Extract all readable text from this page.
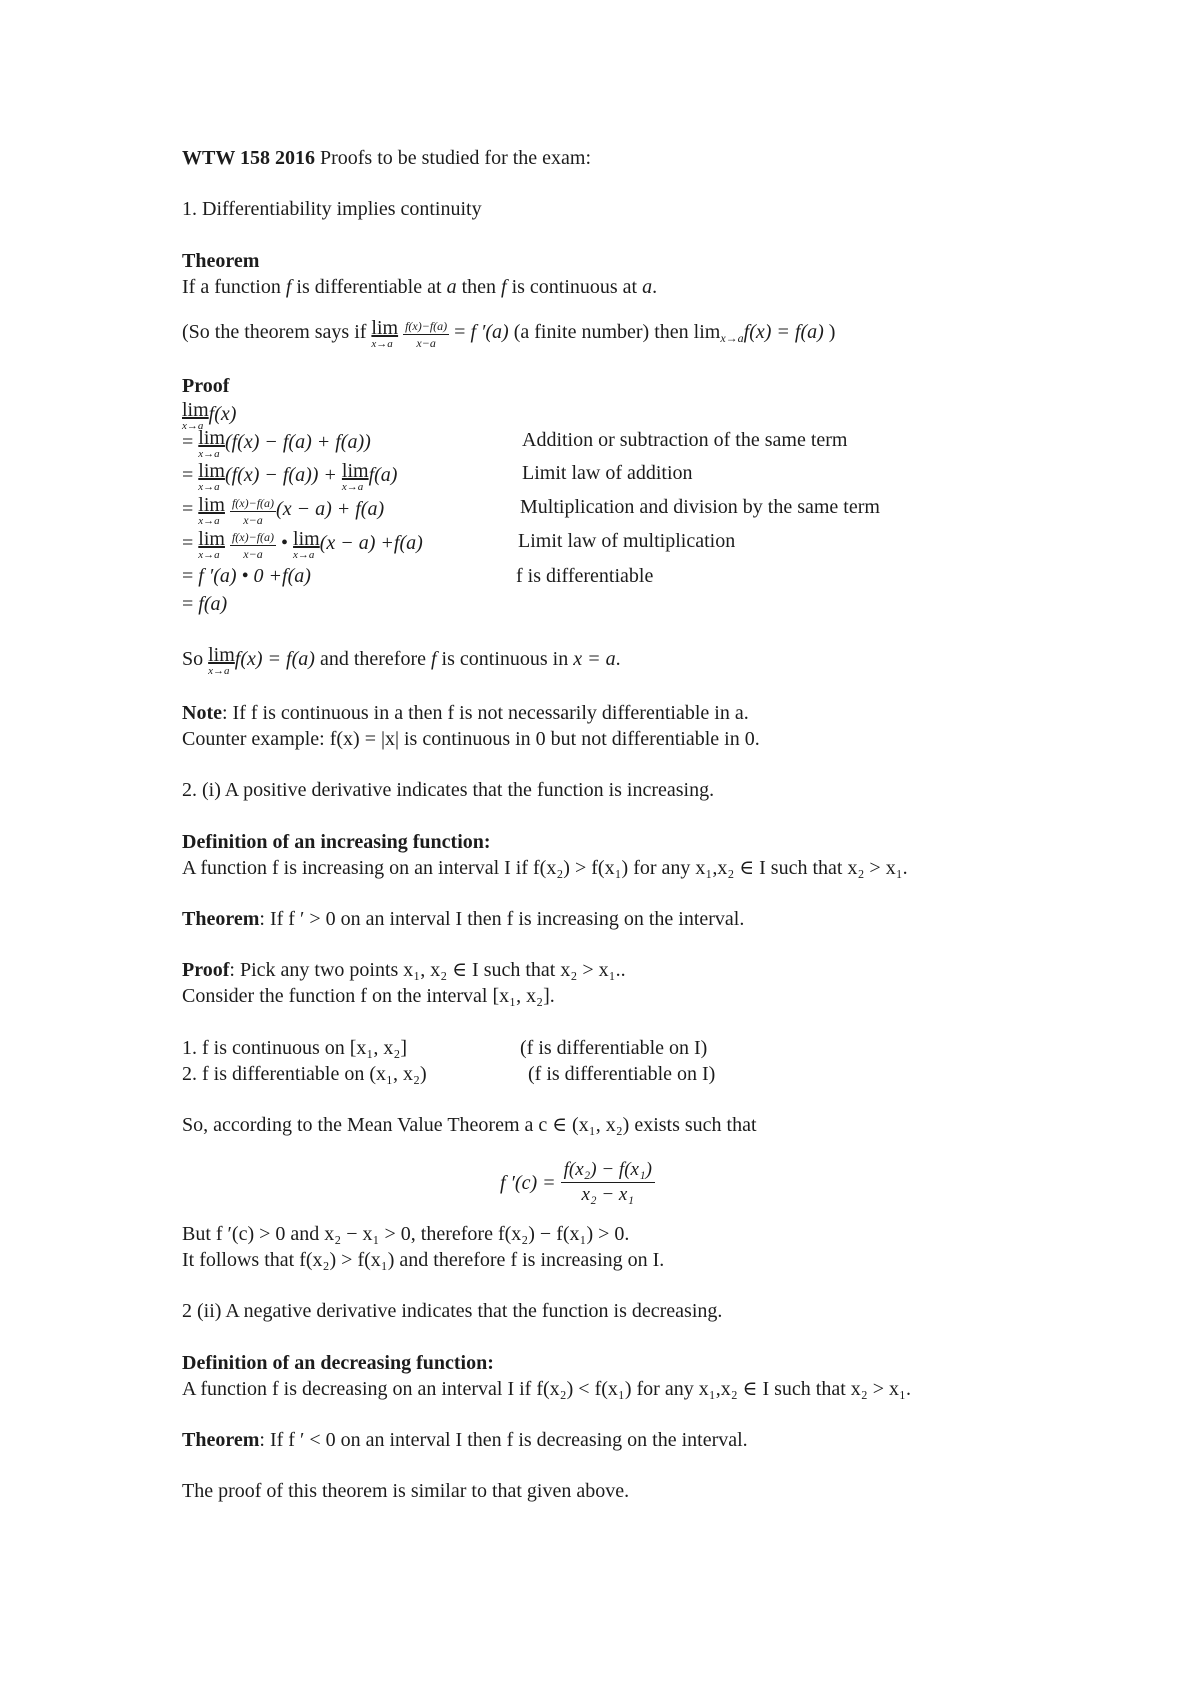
WTW 158 2016 Proofs to be studied for the exam:
1. Differentiability implies continuity
Theorem
If a function f is differentiable at a then f is continuous at a.
(So the theorem says if lim
x→a
$\frac{f(x)-f(a)}{x-a} = f$ ′(a) (a finite number) then $\lim_{x\to a}f(x) = f(a)$ )
Proof
lim
x→a
f(x)
= lim
x→a
(f(x) − f(a) + f(a))	Addition or subtraction of the same term
= lim
x→a
(f(x) − f(a)) + lim
x→a
f(a)	Limit law of addition
= lim
x→a
$\frac{f(x)-f(a)}{x-a} (x - a) + f(a)$	Multiplication and division by the same term
= lim
x→a
$\frac{f(x)-f(a)}{x-a}$ • lim
x→a
(x − a) +f(a)	Limit law of multiplication
= f ′(a) • 0 +f(a)	f is differentiable
= f(a)
So lim
x→a
f(x) = f(a) and therefore f is continuous in x = a.
Note: If f is continuous in a then f is not necessarily differentiable in a.
Counter example: f(x) = |x| is continuous in 0 but not differentiable in 0.
2. (i) A positive derivative indicates that the function is increasing.
Definition of an increasing function:
A function f is increasing on an interval I if f(x₂) > f(x₁) for any x₁,x₂ ∈ I such that x₂ > x₁.
Theorem: If f ′ > 0 on an interval I then f is increasing on the interval.
Proof: Pick any two points x₁, x₂ ∈ I such that x₂ > x₁..
Consider the function f on the interval [x₁, x₂].
1. f is continuous on [x₁, x₂]	(f is differentiable on I)
2. f is differentiable on (x₁, x₂)	(f is differentiable on I)
So, according to the Mean Value Theorem a c ∈ (x₁, x₂) exists such that
f $'(c) = \frac{\text{f(x₂) − f(x₁)}}{\text{x₂ − x₁}}$
But f ′(c) > 0 and x₂ − x₁ > 0, therefore f(x₂) − f(x₁) > 0.
It follows that f(x₂) > f(x₁) and therefore f is increasing on I.
2 (ii) A negative derivative indicates that the function is decreasing.
Definition of an decreasing function:
A function f is decreasing on an interval I if f(x₂) < f(x₁) for any x₁,x₂ ∈ I such that x₂ > x₁.
Theorem: If f ′ < 0 on an interval I then f is decreasing on the interval.
The proof of this theorem is similar to that given above.
